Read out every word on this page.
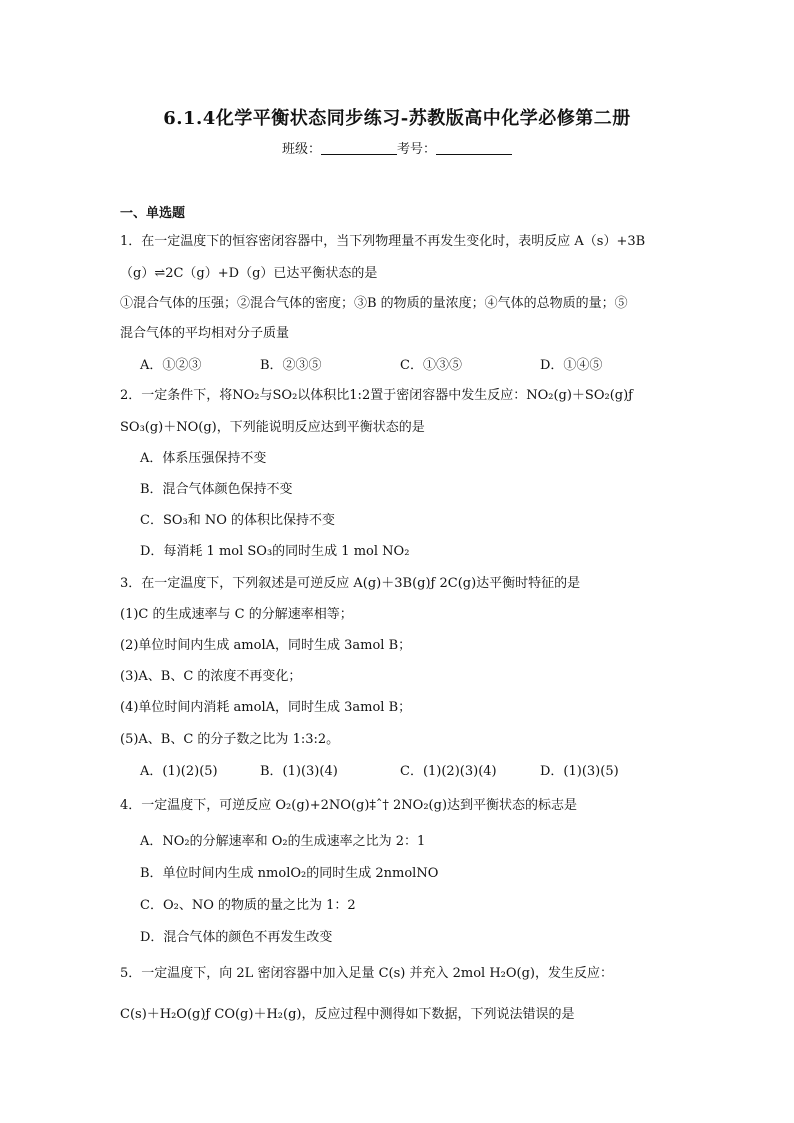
6.1.4化学平衡状态同步练习-苏教版高中化学必修第二册
班级：	考号：
一、单选题
1．在一定温度下的恒容密闭容器中，当下列物理量不再发生变化时，表明反应 A（s）+3B
（g）⇌2C（g）+D（g）已达平衡状态的是
①混合气体的压强；②混合气体的密度；③B 的物质的量浓度；④气体的总物质的量；⑤
混合气体的平均相对分子质量
A．①②③	B．②③⑤	C．①③⑤	D．①④⑤
2．一定条件下，将NO₂与SO₂以体积比1:2置于密闭容器中发生反应：NO₂(g)＋SO₂(g)ƒ
SO₃(g)＋NO(g)，下列能说明反应达到平衡状态的是
A．体系压强保持不变
B．混合气体颜色保持不变
C．SO₃和 NO 的体积比保持不变
D．每消耗 1 mol SO₃的同时生成 1 mol NO₂
3．在一定温度下，下列叙述是可逆反应 A(g)＋3B(g)ƒ 2C(g)达平衡时特征的是
(1)C 的生成速率与 C 的分解速率相等；
(2)单位时间内生成 amolA，同时生成 3amol B；
(3)A、B、C 的浓度不再变化；
(4)单位时间内消耗 amolA，同时生成 3amol B；
(5)A、B、C 的分子数之比为 1:3:2。
A．(1)(2)(5)	B．(1)(3)(4)	C．(1)(2)(3)(4)	D．(1)(3)(5)
4．一定温度下，可逆反应 O₂(g)+2NO(g)‡ˆ† 2NO₂(g)达到平衡状态的标志是
A．NO₂的分解速率和 O₂的生成速率之比为 2：1
B．单位时间内生成 nmolO₂的同时生成 2nmolNO
C．O₂、NO 的物质的量之比为 1：2
D．混合气体的颜色不再发生改变
5．一定温度下，向 2L 密闭容器中加入足量 C(s) 并充入 2mol H₂O(g)，发生反应：
C(s)＋H₂O(g)ƒ CO(g)＋H₂(g)，反应过程中测得如下数据，下列说法错误的是
